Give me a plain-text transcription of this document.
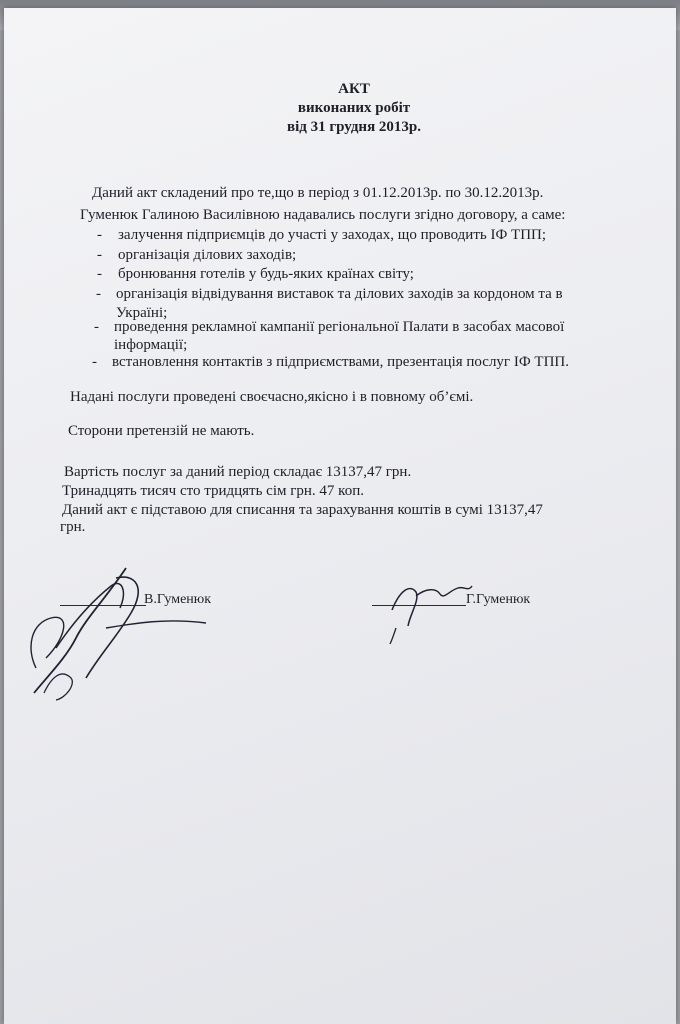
АКТ
виконаних робіт
від 31 грудня 2013р.
Даний акт складений про те,що в період з 01.12.2013р. по 30.12.2013р.
Гуменюк Галиною Василівною надавались послуги згідно договору, а саме:
- залучення підприємців до участі у заходах, що проводить ІФ ТПП;
- організація ділових заходів;
- бронювання готелів у будь-яких країнах світу;
- організація відвідування виставок та ділових заходів за кордоном та в
Україні;
- проведення рекламної кампанії регіональної Палати в засобах масової
інформації;
- встановлення контактів з підприємствами, презентація послуг ІФ ТПП.
Надані послуги проведені своєчасно,якісно і в повному об’ємі.
Сторони претензій не мають.
Вартість послуг за даний період складає 13137,47 грн.
Тринадцять тисяч сто тридцять сім грн. 47 коп.
Даний акт є підставою для списання та зарахування коштів в сумі 13137,47
грн.
В.Гуменюк	Г.Гуменюк
